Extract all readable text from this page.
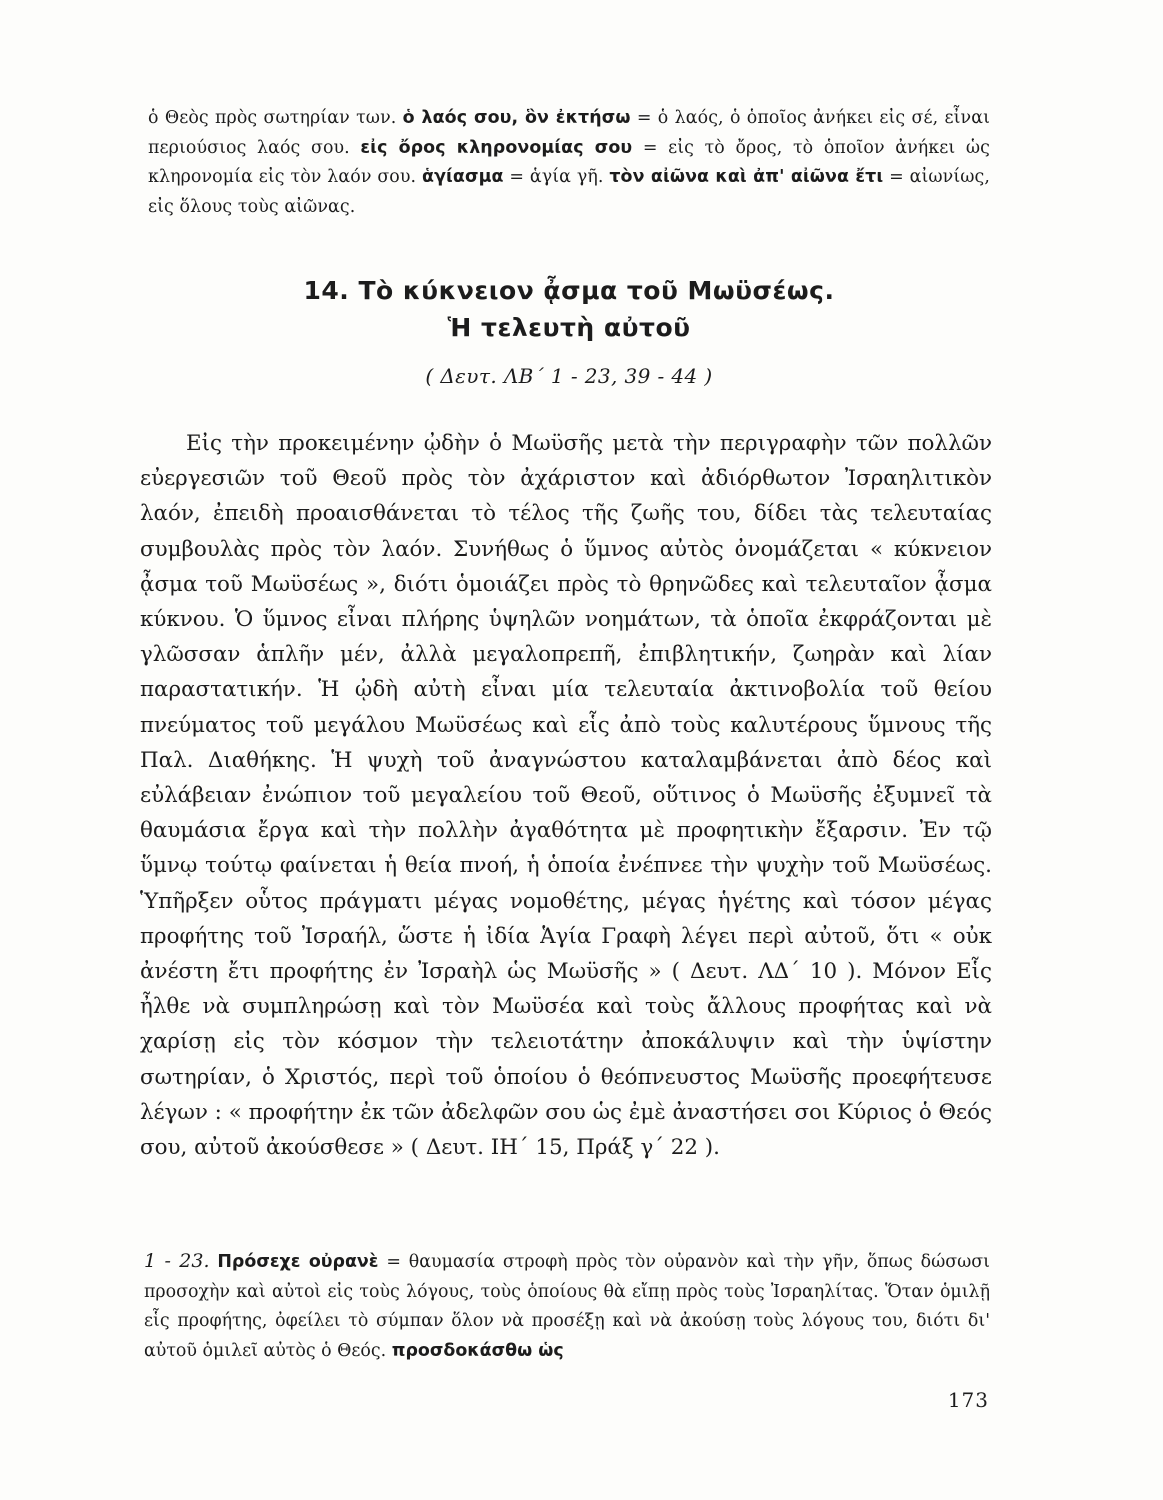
ὁ Θεὸς πρὸς σωτηρίαν των. ὁ λαός σου, ὃν ἐκτήσω = ὁ λαός, ὁ ὁποῖος ἀνήκει εἰς σέ, εἶναι περιούσιος λαός σου. εἰς ὄρος κληρονομίας σου = εἰς τὸ ὄρος, τὸ ὁποῖον ἀνήκει ὡς κληρονομία εἰς τὸν λαόν σου. ἁγίασμα = ἁγία γῆ. τὸν αἰῶνα καὶ ἀπ' αἰῶνα ἔτι = αἰωνίως, εἰς ὅλους τοὺς αἰῶνας.

14. Τὸ κύκνειον ᾆσμα τοῦ Μωϋσέως.
Ἡ τελευτὴ αὐτοῦ
( Δευτ. ΛΒ΄ 1 - 23, 39 - 44 )

Εἰς τὴν προκειμένην ᾠδὴν ὁ Μωϋσῆς μετὰ τὴν περιγραφὴν τῶν πολλῶν εὐεργεσιῶν τοῦ Θεοῦ πρὸς τὸν ἀχάριστον καὶ ἀδιόρθωτον Ἰσραηλιτικὸν λαόν, ἐπειδὴ προαισθάνεται τὸ τέλος τῆς ζωῆς του, δίδει τὰς τελευταίας συμβουλὰς πρὸς τὸν λαόν. Συνήθως ὁ ὕμνος αὐτὸς ὀνομάζεται « κύκνειον ᾆσμα τοῦ Μωϋσέως », διότι ὁμοιάζει πρὸς τὸ θρηνῶδες καὶ τελευταῖον ᾆσμα κύκνου. Ὁ ὕμνος εἶναι πλήρης ὑψηλῶν νοημάτων, τὰ ὁποῖα ἐκφράζονται μὲ γλῶσσαν ἁπλῆν μέν, ἀλλὰ μεγαλοπρεπῆ, ἐπιβλητικήν, ζωηρὰν καὶ λίαν παραστατικήν. Ἡ ᾠδὴ αὐτὴ εἶναι μία τελευταία ἀκτινοβολία τοῦ θείου πνεύματος τοῦ μεγάλου Μωϋσέως καὶ εἷς ἀπὸ τοὺς καλυτέρους ὕμνους τῆς Παλ. Διαθήκης. Ἡ ψυχὴ τοῦ ἀναγνώστου καταλαμβάνεται ἀπὸ δέος καὶ εὐλάβειαν ἐνώπιον τοῦ μεγαλείου τοῦ Θεοῦ, οὕτινος ὁ Μωϋσῆς ἐξυμνεῖ τὰ θαυμάσια ἔργα καὶ τὴν πολλὴν ἀγαθότητα μὲ προφητικὴν ἔξαρσιν. Ἐν τῷ ὕμνῳ τούτῳ φαίνεται ἡ θεία πνοή, ἡ ὁποία ἐνέπνεε τὴν ψυχὴν τοῦ Μωϋσέως. Ὑπῆρξεν οὗτος πράγματι μέγας νομοθέτης, μέγας ἡγέτης καὶ τόσον μέγας προφήτης τοῦ Ἰσραήλ, ὥστε ἡ ἰδία Ἁγία Γραφὴ λέγει περὶ αὐτοῦ, ὅτι « οὐκ ἀνέστη ἔτι προφήτης ἐν Ἰσραὴλ ὡς Μωϋσῆς » ( Δευτ. ΛΔ΄ 10 ). Μόνον Εἷς ἦλθε νὰ συμπληρώσῃ καὶ τὸν Μωϋσέα καὶ τοὺς ἄλλους προφήτας καὶ νὰ χαρίσῃ εἰς τὸν κόσμον τὴν τελειοτάτην ἀποκάλυψιν καὶ τὴν ὑψίστην σωτηρίαν, ὁ Χριστός, περὶ τοῦ ὁποίου ὁ θεόπνευστος Μωϋσῆς προεφήτευσε λέγων : « προφήτην ἐκ τῶν ἀδελφῶν σου ὡς ἐμὲ ἀναστήσει σοι Κύριος ὁ Θεός σου, αὐτοῦ ἀκούσθεσε » ( Δευτ. ΙΗ΄ 15, Πράξ γ΄ 22 ).

1 - 23. Πρόσεχε οὐρανὲ = θαυμασία στροφὴ πρὸς τὸν οὐρανὸν καὶ τὴν γῆν, ὅπως δώσωσι προσοχὴν καὶ αὐτοὶ εἰς τοὺς λόγους, τοὺς ὁποίους θὰ εἴπῃ πρὸς τοὺς Ἰσραηλίτας. Ὅταν ὁμιλῇ εἷς προφήτης, ὀφείλει τὸ σύμπαν ὅλον νὰ προσέξῃ καὶ νὰ ἀκούσῃ τοὺς λόγους του, διότι δι' αὐτοῦ ὁμιλεῖ αὐτὸς ὁ Θεός. προσδοκάσθω ὡς

173
